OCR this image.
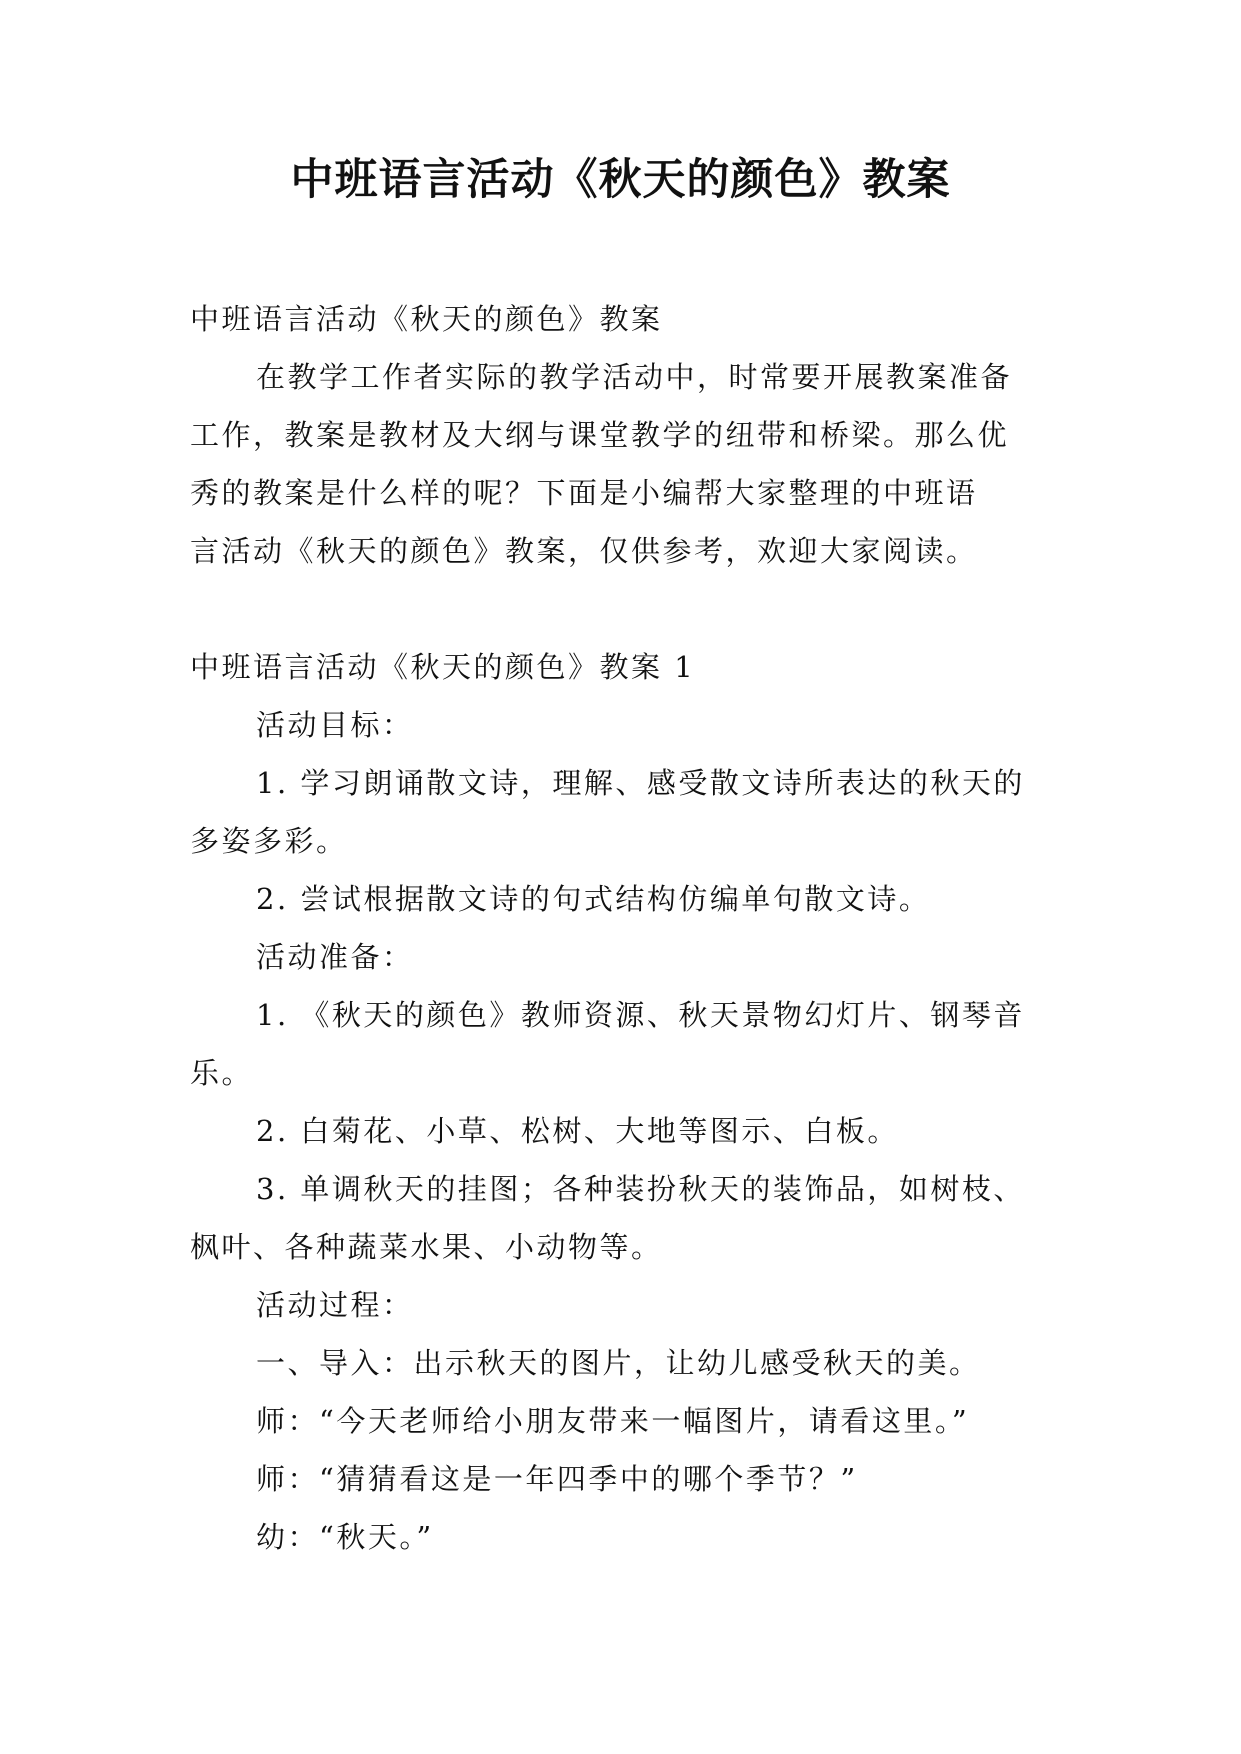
中班语言活动《秋天的颜色》教案

中班语言活动《秋天的颜色》教案

在教学工作者实际的教学活动中，时常要开展教案准备

工作，教案是教材及大纲与课堂教学的纽带和桥梁。那么优

秀的教案是什么样的呢？下面是小编帮大家整理的中班语

言活动《秋天的颜色》教案，仅供参考，欢迎大家阅读。

中班语言活动《秋天的颜色》教案 1

活动目标：

1. 学习朗诵散文诗，理解、感受散文诗所表达的秋天的

多姿多彩。

2. 尝试根据散文诗的句式结构仿编单句散文诗。

活动准备：

1. 《秋天的颜色》教师资源、秋天景物幻灯片、钢琴音

乐。

2. 白菊花、小草、松树、大地等图示、白板。

3. 单调秋天的挂图；各种装扮秋天的装饰品，如树枝、

枫叶、各种蔬菜水果、小动物等。

活动过程：

一、导入：出示秋天的图片，让幼儿感受秋天的美。

师：“今天老师给小朋友带来一幅图片，请看这里。”

师：“猜猜看这是一年四季中的哪个季节？”

幼：“秋天。”
